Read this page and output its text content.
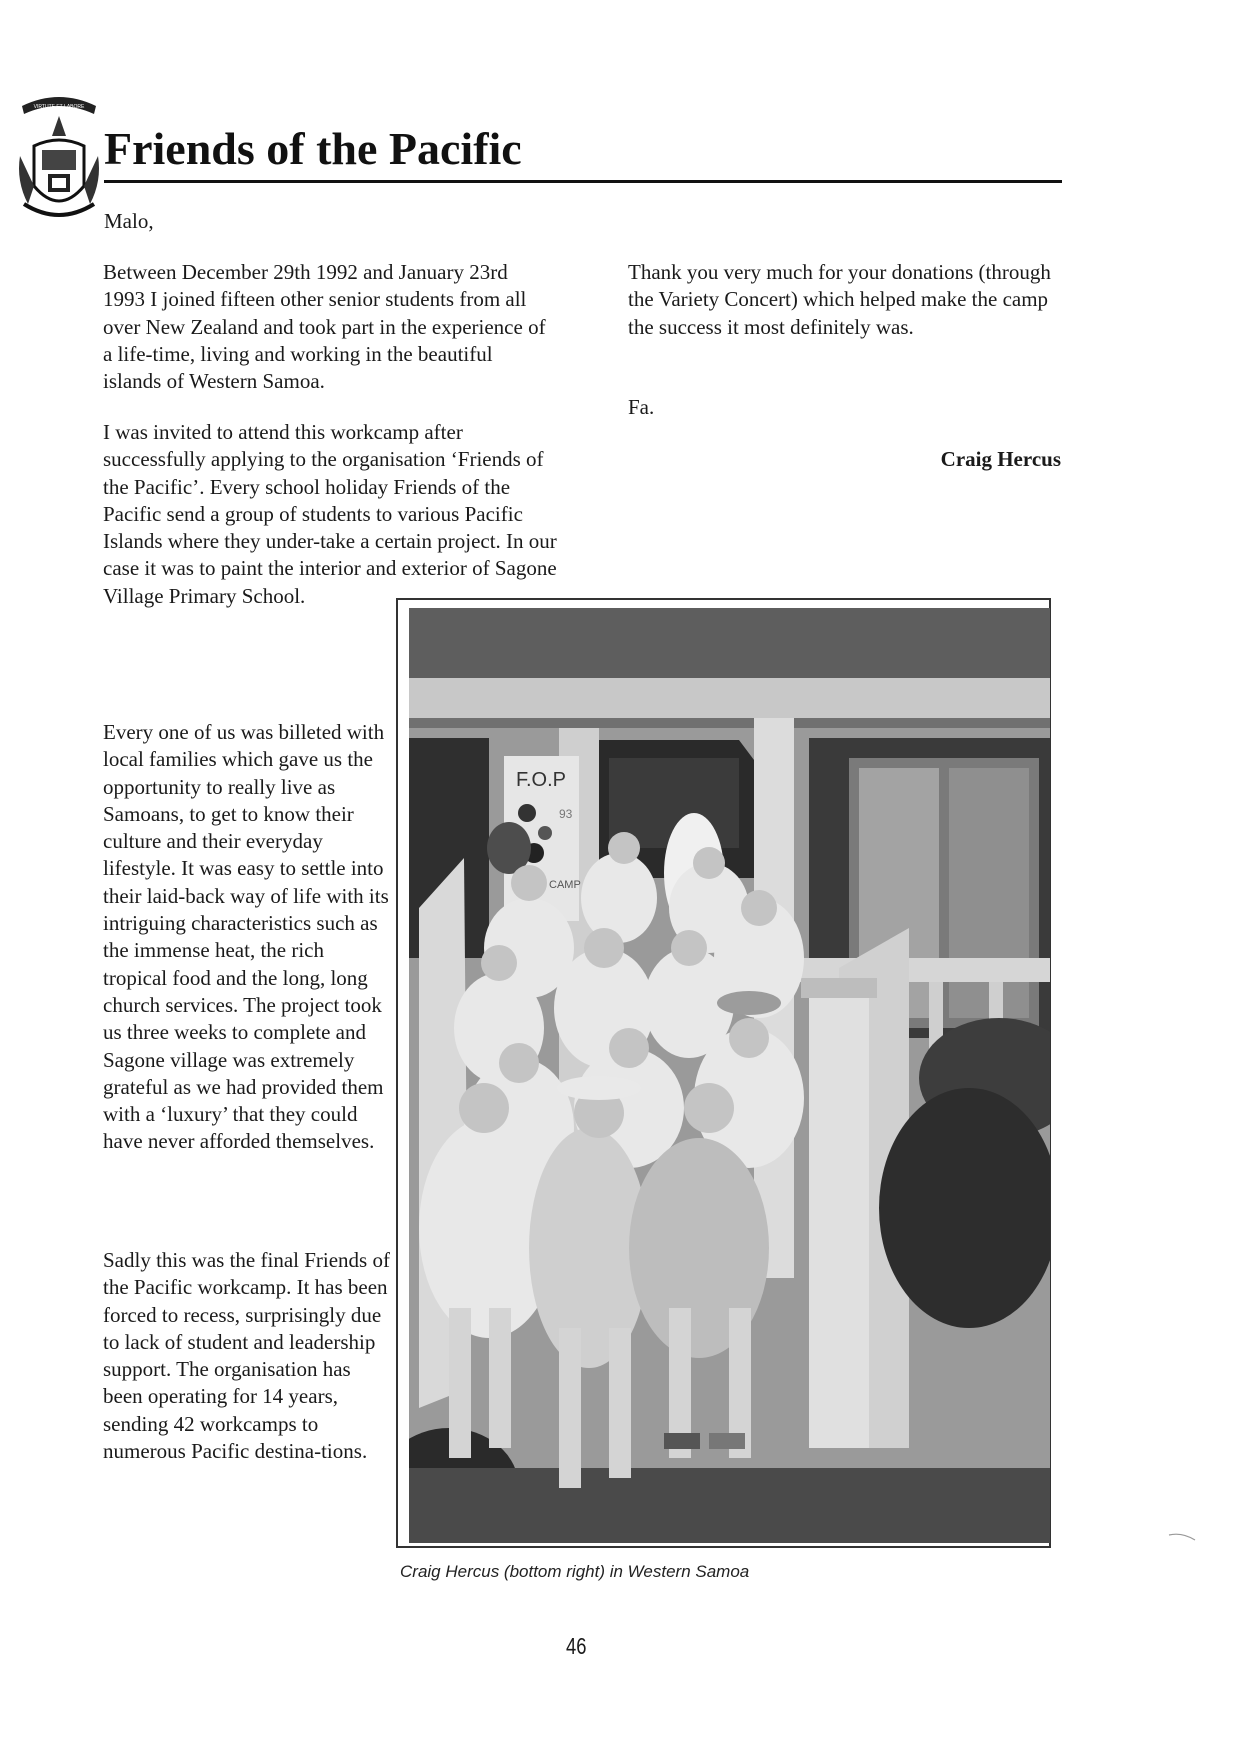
VIRTUTE ET LABORE
Friends of the Pacific
Malo,

Between December 29th 1992 and January 23rd 1993 I joined fifteen other senior students from all over New Zealand and took part in the experience of a life-time, living and working in the beautiful islands of Western Samoa.

I was invited to attend this workcamp after successfully applying to the organisation ‘Friends of the Pacific’. Every school holiday Friends of the Pacific send a group of students to various Pacific Islands where they under-take a certain project. In our case it was to paint the interior and exterior of Sagone Village Primary School.

Every one of us was billeted with local families which gave us the opportunity to really live as Samoans, to get to know their culture and their everyday lifestyle. It was easy to settle into their laid-back way of life with its intriguing characteristics such as the immense heat, the rich tropical food and the long, long church services. The project took us three weeks to complete and Sagone village was extremely grateful as we had provided them with a ‘luxury’ that they could have never afforded themselves.

Sadly this was the final Friends of the Pacific workcamp. It has been forced to recess, surprisingly due to lack of student and leadership support. The organisation has been operating for 14 years, sending 42 workcamps to numerous Pacific destina-tions.

Thank you very much for your donations (through the Variety Concert) which helped make the camp the success it most definitely was.

Fa.
Craig Hercus
F.O.P
93
CAMP
Craig Hercus (bottom right) in Western Samoa
46
